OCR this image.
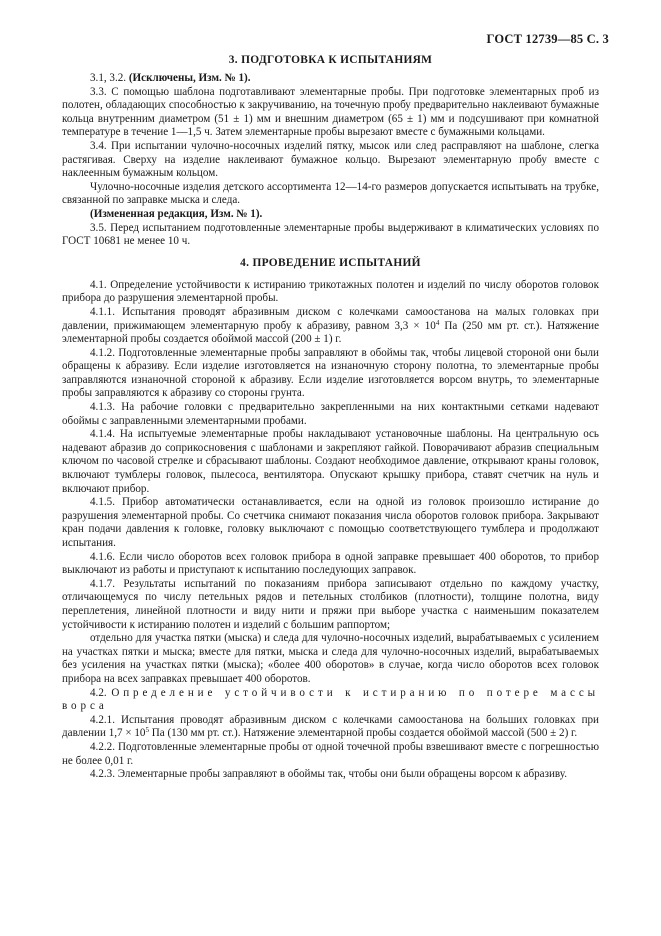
ГОСТ 12739—85 С. 3
3. ПОДГОТОВКА К ИСПЫТАНИЯМ

3.1, 3.2. (Исключены, Изм. № 1).

3.3. С помощью шаблона подготавливают элементарные пробы. При подготовке элементарных проб из полотен, обладающих способностью к закручиванию, на точечную пробу предварительно наклеивают бумажные кольца внутренним диаметром (51 ± 1) мм и внешним диаметром (65 ± 1) мм и подсушивают при комнатной температуре в течение 1—1,5 ч. Затем элементарные пробы вырезают вместе с бумажными кольцами.

3.4. При испытании чулочно-носочных изделий пятку, мысок или след расправляют на шаблоне, слегка растягивая. Сверху на изделие наклеивают бумажное кольцо. Вырезают элементарную пробу вместе с наклеенным бумажным кольцом.

Чулочно-носочные изделия детского ассортимента 12—14-го размеров допускается испытывать на трубке, связанной по заправке мыска и следа.

(Измененная редакция, Изм. № 1).

3.5. Перед испытанием подготовленные элементарные пробы выдерживают в климатических условиях по ГОСТ 10681 не менее 10 ч.

4. ПРОВЕДЕНИЕ ИСПЫТАНИЙ

4.1. Определение устойчивости к истиранию трикотажных полотен и изделий по числу оборотов головок прибора до разрушения элементарной пробы.

4.1.1. Испытания проводят абразивным диском с колечками самоостанова на малых головках при давлении, прижимающем элементарную пробу к абразиву, равном $3,3 \times 10^4$ Па (250 мм рт. ст.). Натяжение элементарной пробы создается обоймой массой (200 ± 1) г.

4.1.2. Подготовленные элементарные пробы заправляют в обоймы так, чтобы лицевой стороной они были обращены к абразиву. Если изделие изготовляется на изнаночную сторону полотна, то элементарные пробы заправляются изнаночной стороной к абразиву. Если изделие изготовляется ворсом внутрь, то элементарные пробы заправляются к абразиву со стороны грунта.

4.1.3. На рабочие головки с предварительно закрепленными на них контактными сетками надевают обоймы с заправленными элементарными пробами.

4.1.4. На испытуемые элементарные пробы накладывают установочные шаблоны. На центральную ось надевают абразив до соприкосновения с шаблонами и закрепляют гайкой. Поворачивают абразив специальным ключом по часовой стрелке и сбрасывают шаблоны. Создают необходимое давление, открывают краны головок, включают тумблеры головок, пылесоса, вентилятора. Опускают крышку прибора, ставят счетчик на нуль и включают прибор.

4.1.5. Прибор автоматически останавливается, если на одной из головок произошло истирание до разрушения элементарной пробы. Со счетчика снимают показания числа оборотов головок прибора. Закрывают кран подачи давления к головке, головку выключают с помощью соответствующего тумблера и продолжают испытания.

4.1.6. Если число оборотов всех головок прибора в одной заправке превышает 400 оборотов, то прибор выключают из работы и приступают к испытанию последующих заправок.

4.1.7. Результаты испытаний по показаниям прибора записывают отдельно по каждому участку, отличающемуся по числу петельных рядов и петельных столбиков (плотности), толщине полотна, виду переплетения, линейной плотности и виду нити и пряжи при выборе участка с наименьшим показателем устойчивости к истиранию полотен и изделий с большим раппортом;

отдельно для участка пятки (мыска) и следа для чулочно-носочных изделий, вырабатываемых с усилением на участках пятки и мыска; вместе для пятки, мыска и следа для чулочно-носочных изделий, вырабатываемых без усиления на участках пятки (мыска); «более 400 оборотов» в случае, когда число оборотов всех головок прибора на всех заправках превышает 400 оборотов.

4.2. Определение устойчивости к истиранию по потере массы ворса

4.2.1. Испытания проводят абразивным диском с колечками самоостанова на больших головках при давлении $1,7 \times 10^5$ Па (130 мм рт. ст.). Натяжение элементарной пробы создается обоймой массой (500 ± 2) г.

4.2.2. Подготовленные элементарные пробы от одной точечной пробы взвешивают вместе с погрешностью не более 0,01 г.

4.2.3. Элементарные пробы заправляют в обоймы так, чтобы они были обращены ворсом к абразиву.
